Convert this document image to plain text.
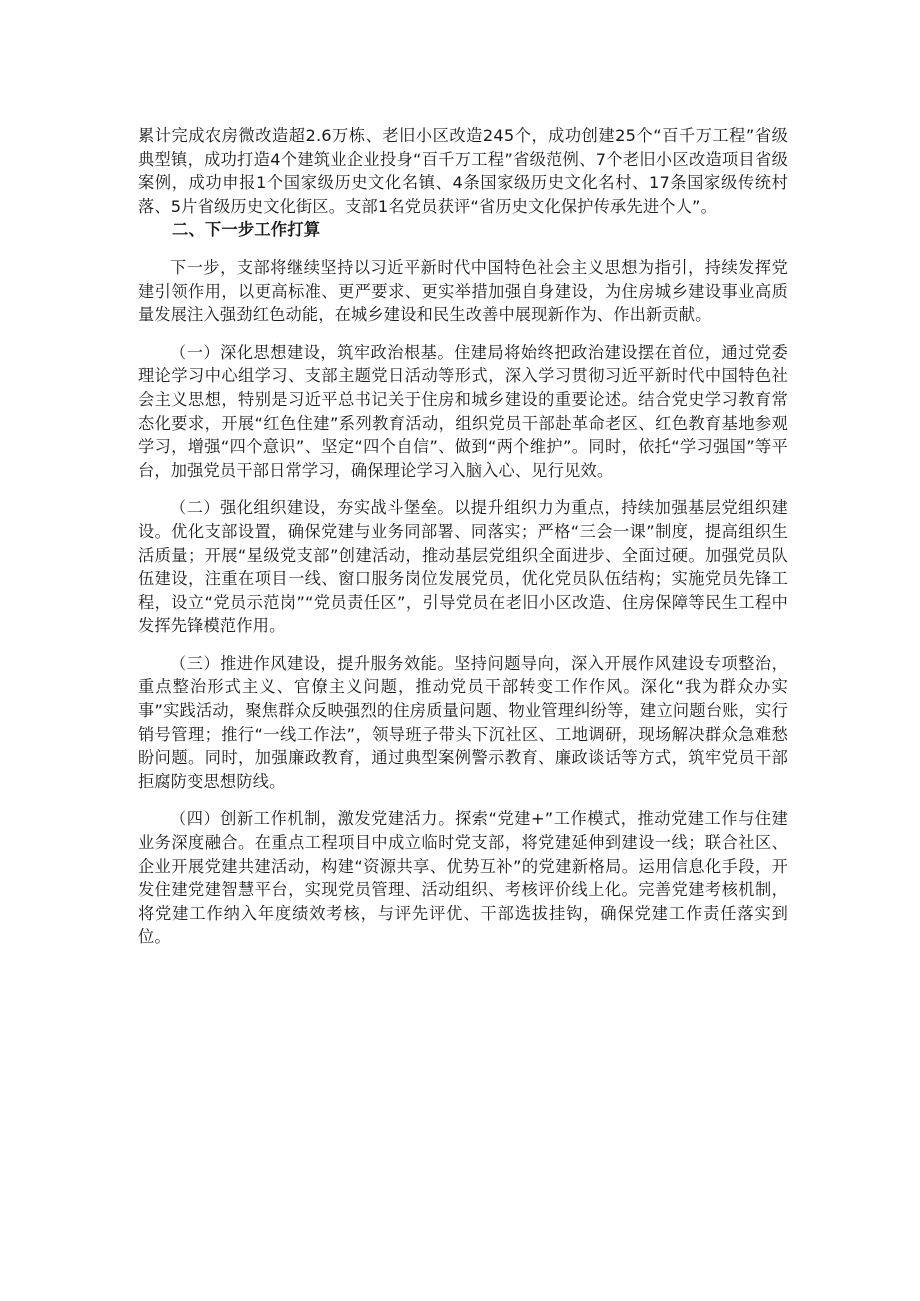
累计完成农房微改造超2.6万栋、老旧小区改造245个，成功创建25个“百千万工程”省级典型镇，成功打造4个建筑业企业投身“百千万工程”省级范例、7个老旧小区改造项目省级案例，成功申报1个国家级历史文化名镇、4条国家级历史文化名村、17条国家级传统村落、5片省级历史文化街区。支部1名党员获评“省历史文化保护传承先进个人”。

二、下一步工作打算

下一步，支部将继续坚持以习近平新时代中国特色社会主义思想为指引，持续发挥党建引领作用，以更高标准、更严要求、更实举措加强自身建设，为住房城乡建设事业高质量发展注入强劲红色动能，在城乡建设和民生改善中展现新作为、作出新贡献。

（一）深化思想建设，筑牢政治根基。住建局将始终把政治建设摆在首位，通过党委理论学习中心组学习、支部主题党日活动等形式，深入学习贯彻习近平新时代中国特色社会主义思想，特别是习近平总书记关于住房和城乡建设的重要论述。结合党史学习教育常态化要求，开展“红色住建”系列教育活动，组织党员干部赴革命老区、红色教育基地参观学习，增强“四个意识”、坚定“四个自信”、做到“两个维护”。同时，依托“学习强国”等平台，加强党员干部日常学习，确保理论学习入脑入心、见行见效。

（二）强化组织建设，夯实战斗堡垒。以提升组织力为重点，持续加强基层党组织建设。优化支部设置，确保党建与业务同部署、同落实；严格“三会一课”制度，提高组织生活质量；开展“星级党支部”创建活动，推动基层党组织全面进步、全面过硬。加强党员队伍建设，注重在项目一线、窗口服务岗位发展党员，优化党员队伍结构；实施党员先锋工程，设立“党员示范岗”“党员责任区”，引导党员在老旧小区改造、住房保障等民生工程中发挥先锋模范作用。

（三）推进作风建设，提升服务效能。坚持问题导向，深入开展作风建设专项整治，重点整治形式主义、官僚主义问题，推动党员干部转变工作作风。深化“我为群众办实事”实践活动，聚焦群众反映强烈的住房质量问题、物业管理纠纷等，建立问题台账，实行销号管理；推行“一线工作法”，领导班子带头下沉社区、工地调研，现场解决群众急难愁盼问题。同时，加强廉政教育，通过典型案例警示教育、廉政谈话等方式，筑牢党员干部拒腐防变思想防线。

（四）创新工作机制，激发党建活力。探索“党建+”工作模式，推动党建工作与住建业务深度融合。在重点工程项目中成立临时党支部，将党建延伸到建设一线；联合社区、企业开展党建共建活动，构建“资源共享、优势互补”的党建新格局。运用信息化手段，开发住建党建智慧平台，实现党员管理、活动组织、考核评价线上化。完善党建考核机制，将党建工作纳入年度绩效考核，与评先评优、干部选拔挂钩，确保党建工作责任落实到位。
